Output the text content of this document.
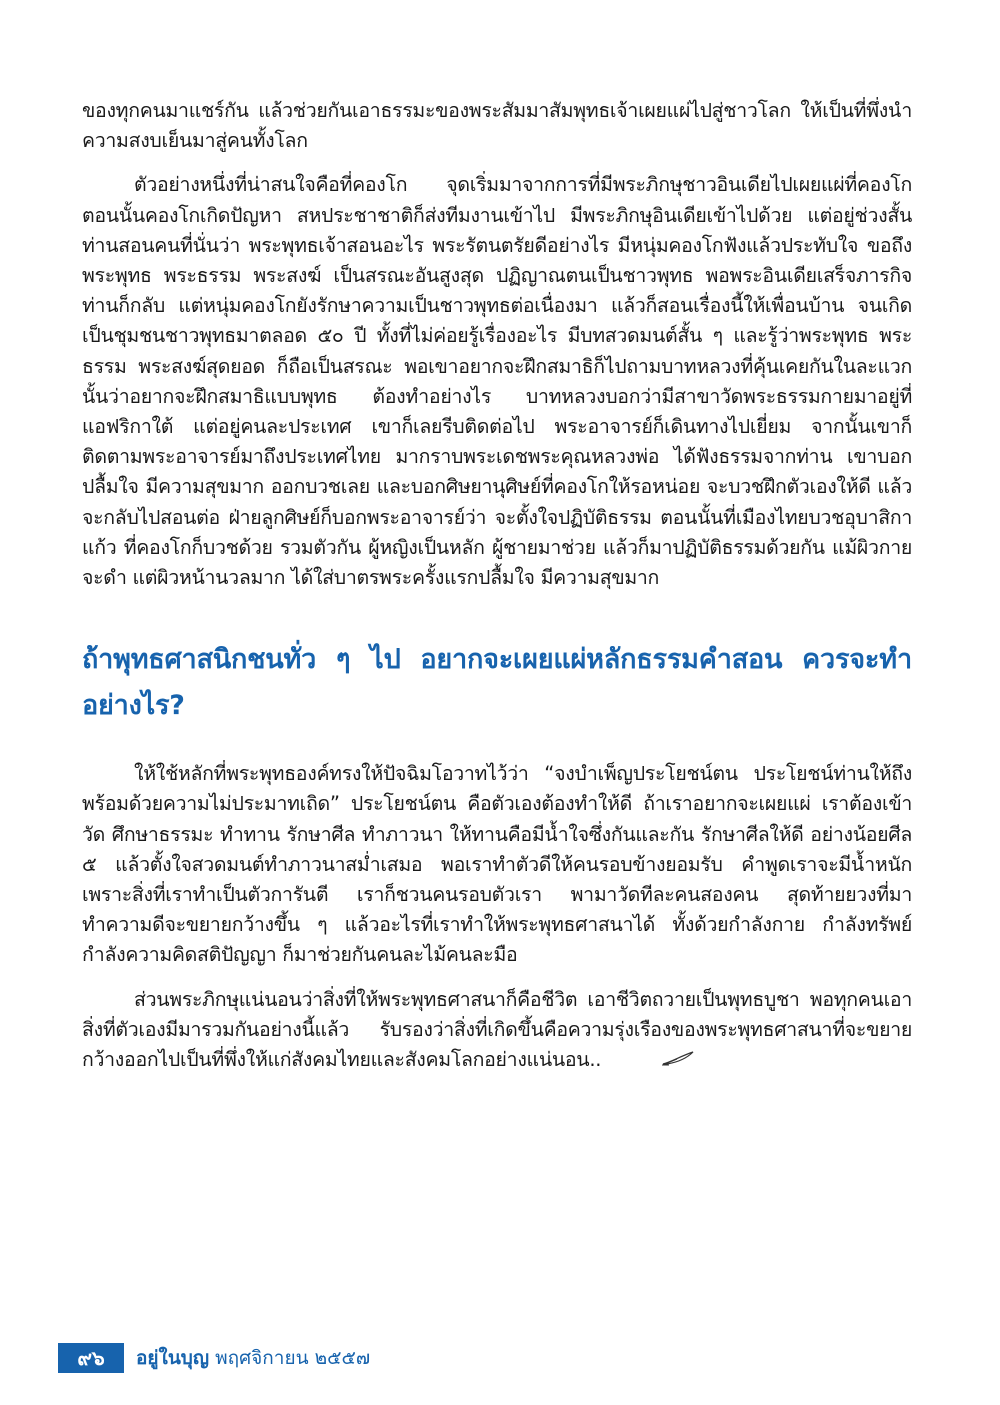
ของทุกคนมาแชร์กัน แล้วช่วยกันเอาธรรมะของพระสัมมาสัมพุทธเจ้าเผยแผ่ไปสู่ชาวโลก ให้เป็นที่พึ่งนำความสงบเย็นมาสู่คนทั้งโลก

ตัวอย่างหนึ่งที่น่าสนใจคือที่คองโก จุดเริ่มมาจากการที่มีพระภิกษุชาวอินเดียไปเผยแผ่ที่คองโก ตอนนั้นคองโกเกิดปัญหา สหประชาชาติก็ส่งทีมงานเข้าไป มีพระภิกษุอินเดียเข้าไปด้วย แต่อยู่ช่วงสั้น ท่านสอนคนที่นั่นว่า พระพุทธเจ้าสอนอะไร พระรัตนตรัยดีอย่างไร มีหนุ่มคองโกฟังแล้วประทับใจ ขอถึงพระพุทธ พระธรรม พระสงฆ์ เป็นสรณะอันสูงสุด ปฏิญาณตนเป็นชาวพุทธ พอพระอินเดียเสร็จภารกิจ ท่านก็กลับ แต่หนุ่มคองโกยังรักษาความเป็นชาวพุทธต่อเนื่องมา แล้วก็สอนเรื่องนี้ให้เพื่อนบ้าน จนเกิดเป็นชุมชนชาวพุทธมาตลอด ๕๐ ปี ทั้งที่ไม่ค่อยรู้เรื่องอะไร มีบทสวดมนต์สั้น ๆ และรู้ว่าพระพุทธ พระธรรม พระสงฆ์สุดยอด ก็ถือเป็นสรณะ พอเขาอยากจะฝึกสมาธิก็ไปถามบาทหลวงที่คุ้นเคยกันในละแวกนั้นว่าอยากจะฝึกสมาธิแบบพุทธ ต้องทำอย่างไร บาทหลวงบอกว่ามีสาขาวัดพระธรรมกายมาอยู่ที่แอฟริกาใต้ แต่อยู่คนละประเทศ เขาก็เลยรีบติดต่อไป พระอาจารย์ก็เดินทางไปเยี่ยม จากนั้นเขาก็ติดตามพระอาจารย์มาถึงประเทศไทย มากราบพระเดชพระคุณหลวงพ่อ ได้ฟังธรรมจากท่าน เขาบอกปลื้มใจ มีความสุขมาก ออกบวชเลย และบอกศิษยานุศิษย์ที่คองโกให้รอหน่อย จะบวชฝึกตัวเองให้ดี แล้วจะกลับไปสอนต่อ ฝ่ายลูกศิษย์ก็บอกพระอาจารย์ว่า จะตั้งใจปฏิบัติธรรม ตอนนั้นที่เมืองไทยบวชอุบาสิกาแก้ว ที่คองโกก็บวชด้วย รวมตัวกัน ผู้หญิงเป็นหลัก ผู้ชายมาช่วย แล้วก็มาปฏิบัติธรรมด้วยกัน แม้ผิวกายจะดำ แต่ผิวหน้านวลมาก ได้ใส่บาตรพระครั้งแรกปลื้มใจ มีความสุขมาก

ถ้าพุทธศาสนิกชนทั่ว ๆ ไป อยากจะเผยแผ่หลักธรรมคำสอน ควรจะทำอย่างไร?

ให้ใช้หลักที่พระพุทธองค์ทรงให้ปัจฉิมโอวาทไว้ว่า “จงบำเพ็ญประโยชน์ตน ประโยชน์ท่านให้ถึงพร้อมด้วยความไม่ประมาทเถิด” ประโยชน์ตน คือตัวเองต้องทำให้ดี ถ้าเราอยากจะเผยแผ่ เราต้องเข้าวัด ศึกษาธรรมะ ทำทาน รักษาศีล ทำภาวนา ให้ทานคือมีน้ำใจซึ่งกันและกัน รักษาศีลให้ดี อย่างน้อยศีล ๕ แล้วตั้งใจสวดมนต์ทำภาวนาสม่ำเสมอ พอเราทำตัวดีให้คนรอบข้างยอมรับ คำพูดเราจะมีน้ำหนัก เพราะสิ่งที่เราทำเป็นตัวการันตี เราก็ชวนคนรอบตัวเรา พามาวัดทีละคนสองคน สุดท้ายยวงที่มาทำความดีจะขยายกว้างขึ้น ๆ แล้วอะไรที่เราทำให้พระพุทธศาสนาได้ ทั้งด้วยกำลังกาย กำลังทรัพย์ กำลังความคิดสติปัญญา ก็มาช่วยกันคนละไม้คนละมือ

ส่วนพระภิกษุแน่นอนว่าสิ่งที่ให้พระพุทธศาสนาก็คือชีวิต เอาชีวิตถวายเป็นพุทธบูชา พอทุกคนเอาสิ่งที่ตัวเองมีมารวมกันอย่างนี้แล้ว รับรองว่าสิ่งที่เกิดขึ้นคือความรุ่งเรืองของพระพุทธศาสนาที่จะขยายกว้างออกไปเป็นที่พึ่งให้แก่สังคมไทยและสังคมโลกอย่างแน่นอน..

๙๖ อยู่ในบุญ พฤศจิกายน ๒๕๕๗
